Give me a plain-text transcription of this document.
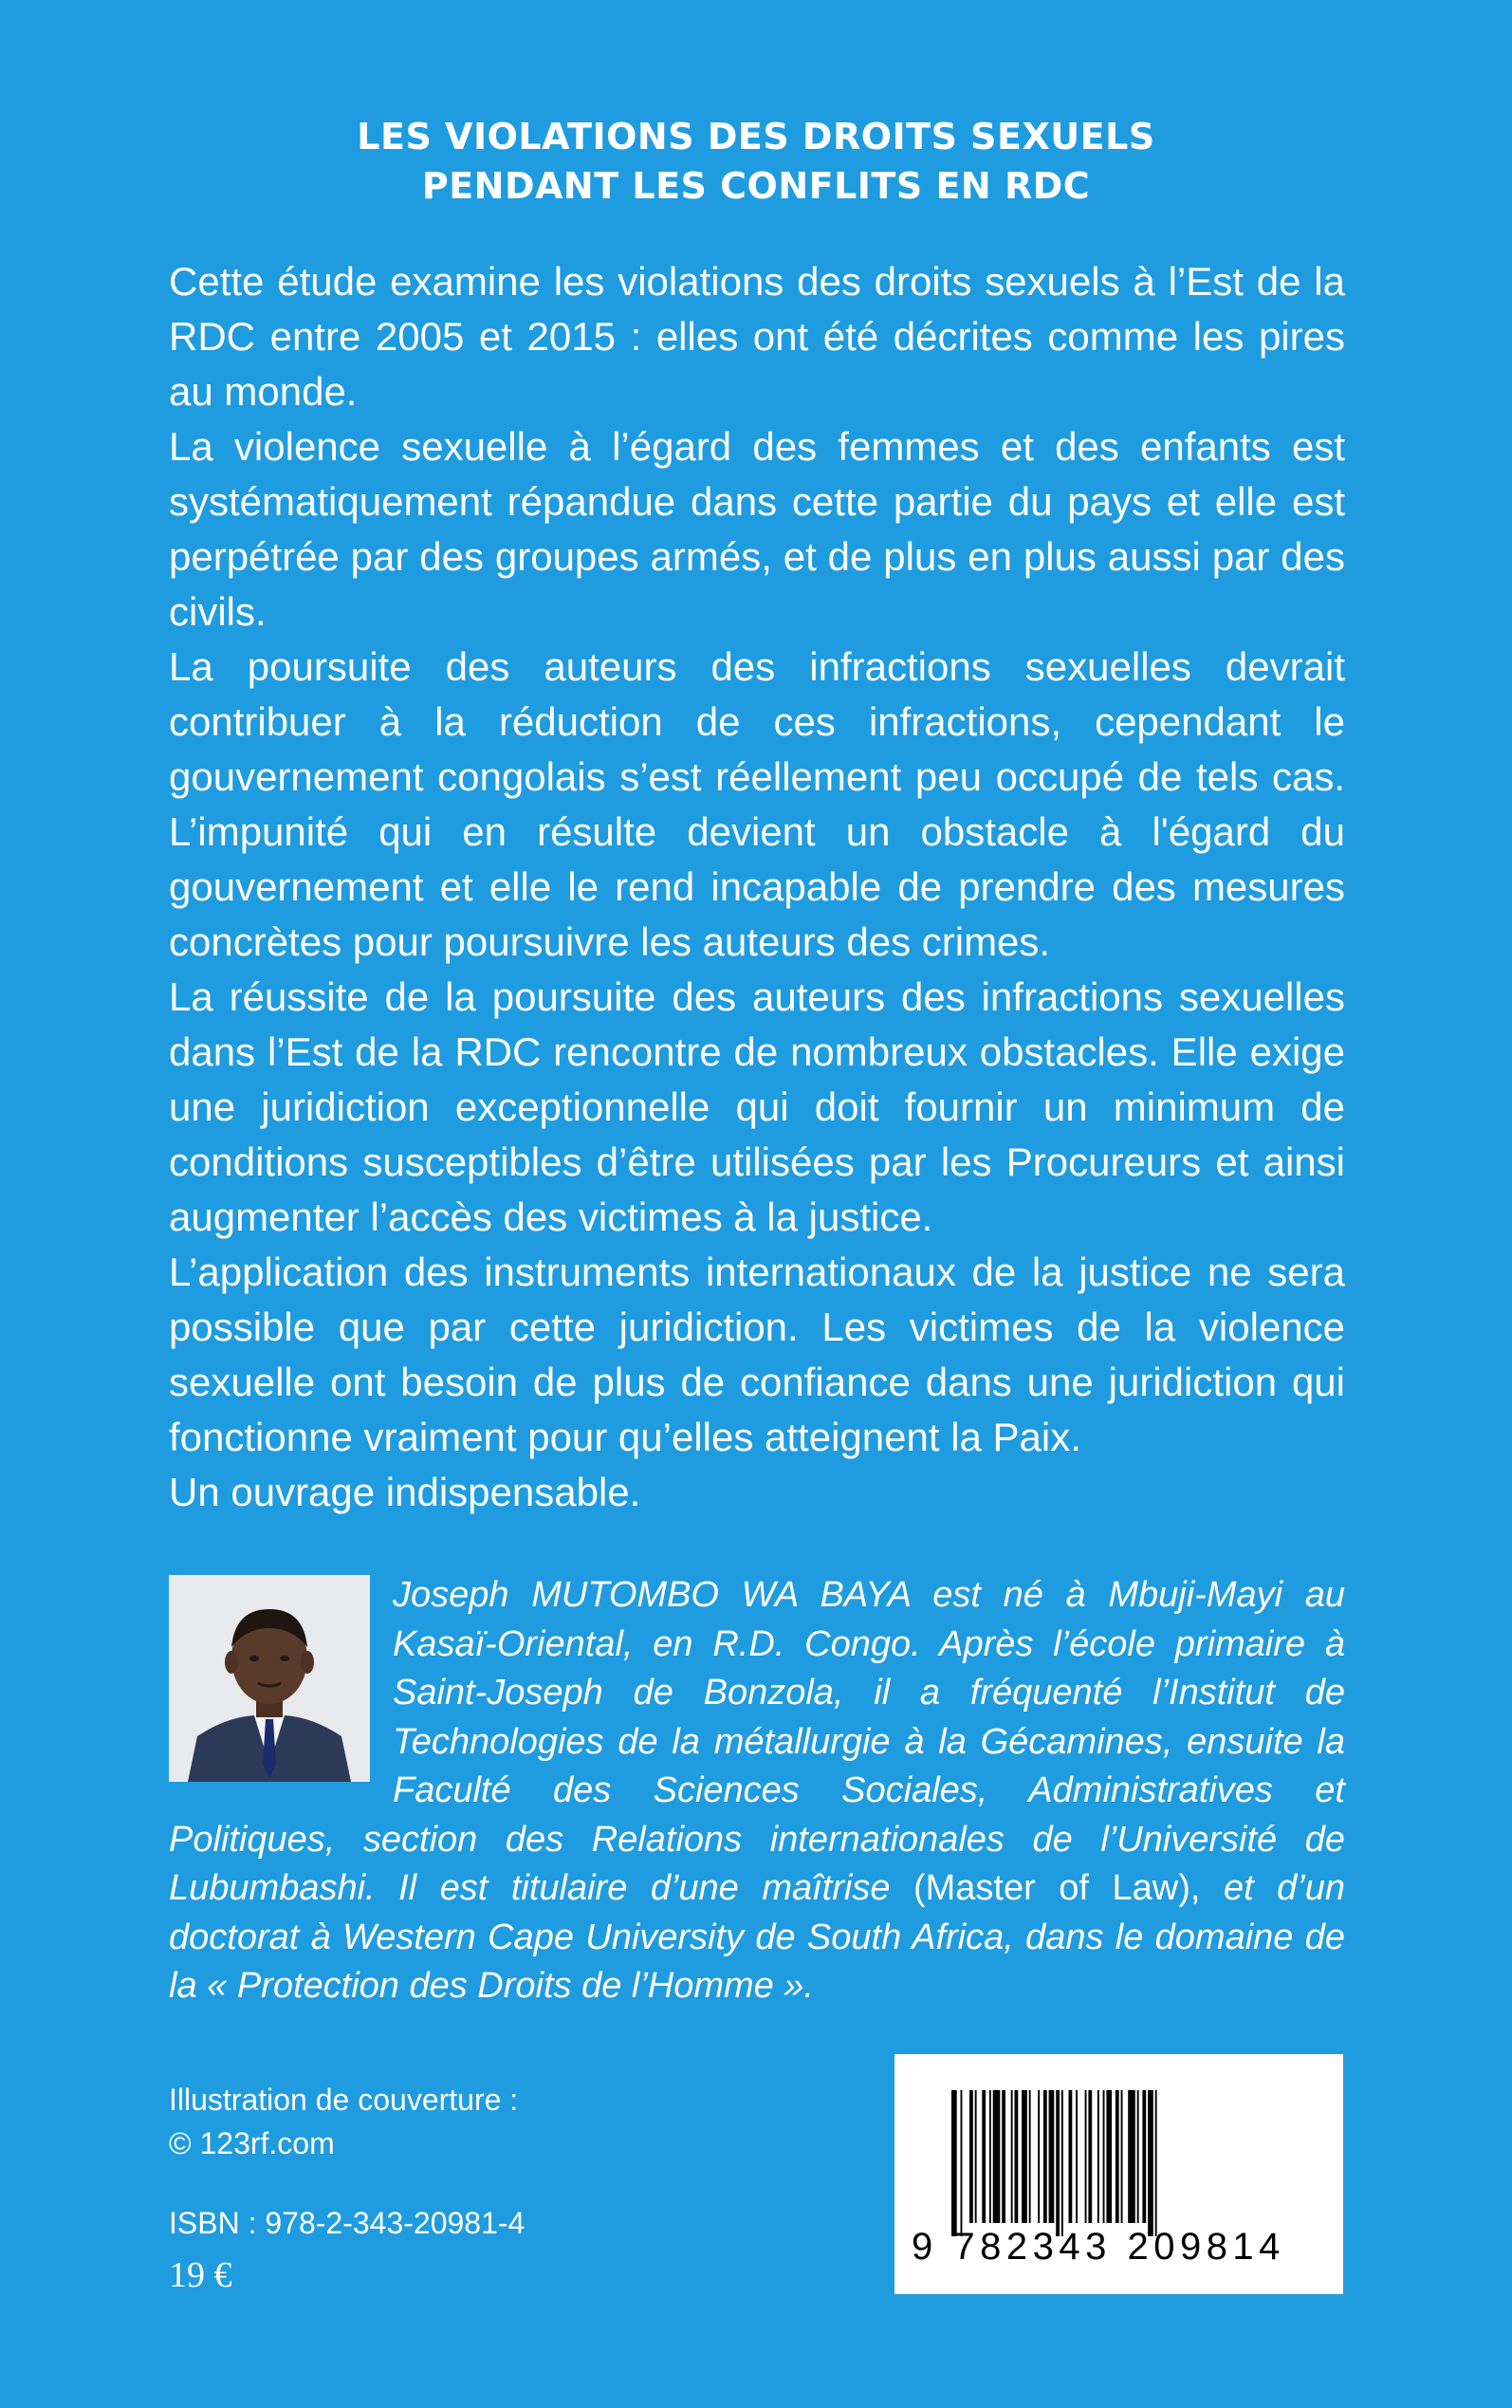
LES VIOLATIONS DES DROITS SEXUELS
PENDANT LES CONFLITS EN RDC

Cette étude examine les violations des droits sexuels à l’Est de la RDC entre 2005 et 2015 : elles ont été décrites comme les pires au monde.

La violence sexuelle à l’égard des femmes et des enfants est systématiquement répandue dans cette partie du pays et elle est perpétrée par des groupes armés, et de plus en plus aussi par des civils.

La poursuite des auteurs des infractions sexuelles devrait contribuer à la réduction de ces infractions, cependant le gouvernement congolais s’est réellement peu occupé de tels cas. L’impunité qui en résulte devient un obstacle à l'égard du gouvernement et elle le rend incapable de prendre des mesures concrètes pour poursuivre les auteurs des crimes.

La réussite de la poursuite des auteurs des infractions sexuelles dans l’Est de la RDC rencontre de nombreux obstacles. Elle exige une juridiction exceptionnelle qui doit fournir un minimum de conditions susceptibles d’être utilisées par les Procureurs et ainsi augmenter l’accès des victimes à la justice.

L’application des instruments internationaux de la justice ne sera possible que par cette juridiction. Les victimes de la violence sexuelle ont besoin de plus de confiance dans une juridiction qui fonctionne vraiment pour qu’elles atteignent la Paix.

Un ouvrage indispensable.

Joseph MUTOMBO WA BAYA est né à Mbuji-Mayi au Kasaï-Oriental, en R.D. Congo. Après l’école primaire à Saint-Joseph de Bonzola, il a fréquenté l’Institut de Technologies de la métallurgie à la Gécamines, ensuite la Faculté des Sciences Sociales, Administratives et Politiques, section des Relations internationales de l’Université de Lubumbashi. Il est titulaire d’une maîtrise (Master of Law), et d’un doctorat à Western Cape University de South Africa, dans le domaine de la « Protection des Droits de l’Homme ».
Illustration de couverture :
© 123rf.com
ISBN : 978-2-343-20981-4
19 €
9 782343 209814
